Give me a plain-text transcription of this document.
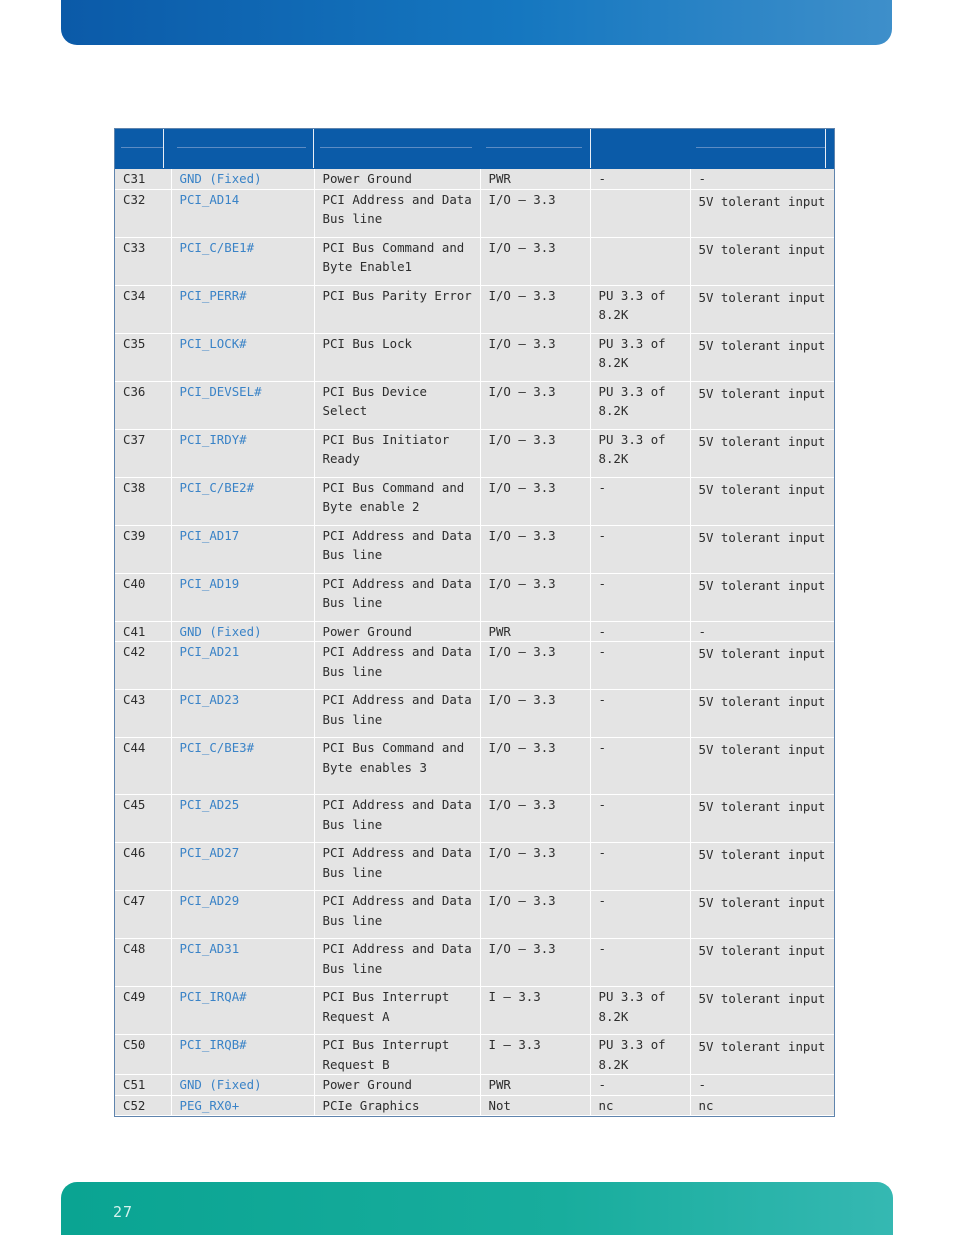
C31	GND (Fixed)	Power Ground	PWR	-	-
C32	PCI_AD14	PCI Address and Data Bus line	I/O – 3.3		5V tolerant input
C33	PCI_C/BE1#	PCI Bus Command and Byte Enable1	I/O – 3.3		5V tolerant input
C34	PCI_PERR#	PCI Bus Parity Error	I/O – 3.3	PU 3.3 of 8.2K	5V tolerant input
C35	PCI_LOCK#	PCI Bus Lock	I/O – 3.3	PU 3.3 of 8.2K	5V tolerant input
C36	PCI_DEVSEL#	PCI Bus Device Select	I/O – 3.3	PU 3.3 of 8.2K	5V tolerant input
C37	PCI_IRDY#	PCI Bus Initiator Ready	I/O – 3.3	PU 3.3 of 8.2K	5V tolerant input
C38	PCI_C/BE2#	PCI Bus Command and Byte enable 2	I/O – 3.3	-	5V tolerant input
C39	PCI_AD17	PCI Address and Data Bus line	I/O – 3.3	-	5V tolerant input
C40	PCI_AD19	PCI Address and Data Bus line	I/O – 3.3	-	5V tolerant input
C41	GND (Fixed)	Power Ground	PWR	-	-
C42	PCI_AD21	PCI Address and Data Bus line	I/O – 3.3	-	5V tolerant input
C43	PCI_AD23	PCI Address and Data Bus line	I/O – 3.3	-	5V tolerant input
C44	PCI_C/BE3#	PCI Bus Command and Byte enables 3	I/O – 3.3	-	5V tolerant input
C45	PCI_AD25	PCI Address and Data Bus line	I/O – 3.3	-	5V tolerant input
C46	PCI_AD27	PCI Address and Data Bus line	I/O – 3.3	-	5V tolerant input
C47	PCI_AD29	PCI Address and Data Bus line	I/O – 3.3	-	5V tolerant input
C48	PCI_AD31	PCI Address and Data Bus line	I/O – 3.3	-	5V tolerant input
C49	PCI_IRQA#	PCI Bus Interrupt Request A	I – 3.3	PU 3.3 of 8.2K	5V tolerant input
C50	PCI_IRQB#	PCI Bus Interrupt Request B	I – 3.3	PU 3.3 of 8.2K	5V tolerant input
C51	GND (Fixed)	Power Ground	PWR	-	-
C52	PEG_RX0+	PCIe Graphics	Not	nc	nc
27
